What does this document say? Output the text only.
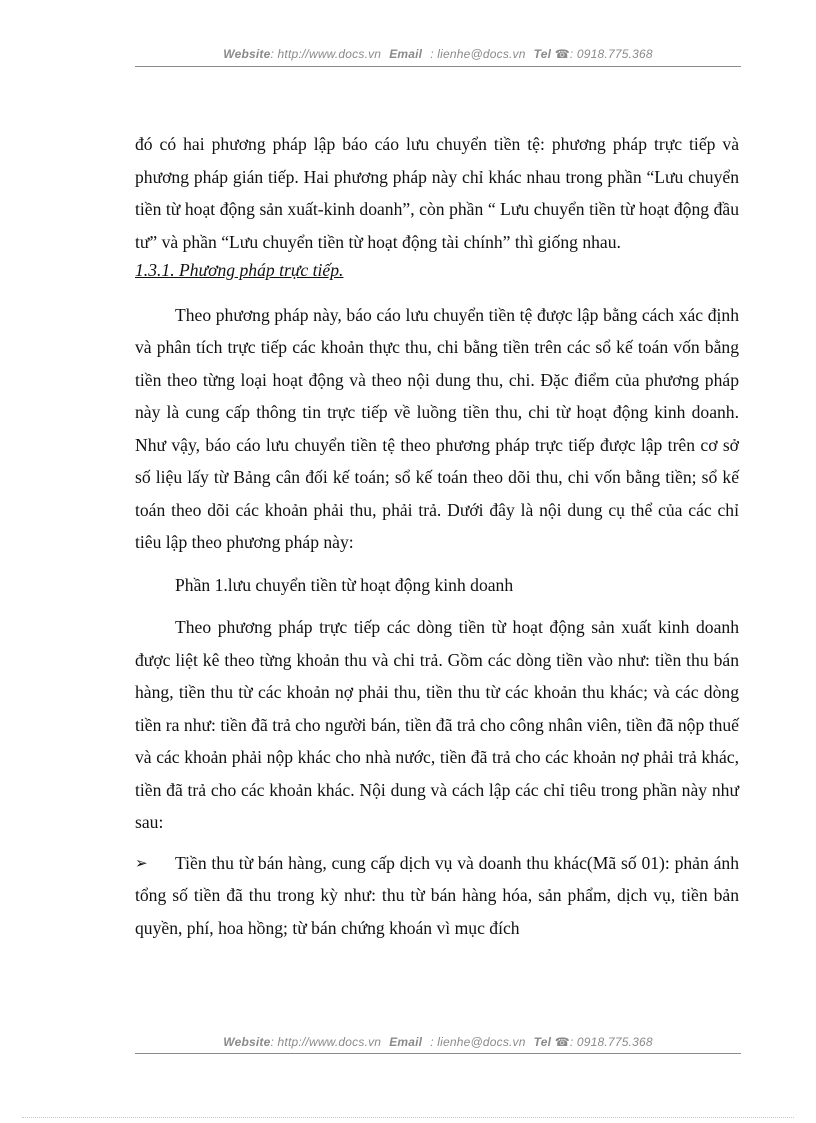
Website: http://www.docs.vn Email : lienhe@docs.vn Tel ☎: 0918.775.368

đó có hai phương pháp lập báo cáo lưu chuyển tiền tệ: phương pháp trực tiếp và phương pháp gián tiếp. Hai phương pháp này chỉ khác nhau trong phần “Lưu chuyển tiền từ hoạt động sản xuất-kinh doanh”, còn phần “ Lưu chuyển tiền từ hoạt động đầu tư” và phần “Lưu chuyển tiền từ hoạt động tài chính” thì giống nhau.

1.3.1. Phương pháp trực tiếp.

Theo phương pháp này, báo cáo lưu chuyển tiền tệ được lập bằng cách xác định và phân tích trực tiếp các khoản thực thu, chi bằng tiền trên các sổ kế toán vốn bằng tiền theo từng loại hoạt động và theo nội dung thu, chi. Đặc điểm của phương pháp này là cung cấp thông tin trực tiếp về luồng tiền thu, chi từ hoạt động kinh doanh. Như vậy, báo cáo lưu chuyển tiền tệ theo phương pháp trực tiếp được lập trên cơ sở số liệu lấy từ Bảng cân đối kế toán; sổ kế toán theo dõi thu, chi vốn bằng tiền; sổ kế toán theo dõi các khoản phải thu, phải trả. Dưới đây là nội dung cụ thể của các chỉ tiêu lập theo phương pháp này:

Phần 1.lưu chuyển tiền từ hoạt động kinh doanh

Theo phương pháp trực tiếp các dòng tiền từ hoạt động sản xuất kinh doanh được liệt kê theo từng khoản thu và chi trả. Gồm các dòng tiền vào như: tiền thu bán hàng, tiền thu từ các khoản nợ phải thu, tiền thu từ các khoản thu khác; và các dòng tiền ra như: tiền đã trả cho người bán, tiền đã trả cho công nhân viên, tiền đã nộp thuế và các khoản phải nộp khác cho nhà nước, tiền đã trả cho các khoản nợ phải trả khác, tiền đã trả cho các khoản khác. Nội dung và cách lập các chỉ tiêu trong phần này như sau:

➢ Tiền thu từ bán hàng, cung cấp dịch vụ và doanh thu khác(Mã số 01): phản ánh tổng số tiền đã thu trong kỳ như: thu từ bán hàng hóa, sản phẩm, dịch vụ, tiền bản quyền, phí, hoa hồng; từ bán chứng khoán vì mục đích

Website: http://www.docs.vn Email : lienhe@docs.vn Tel ☎: 0918.775.368
